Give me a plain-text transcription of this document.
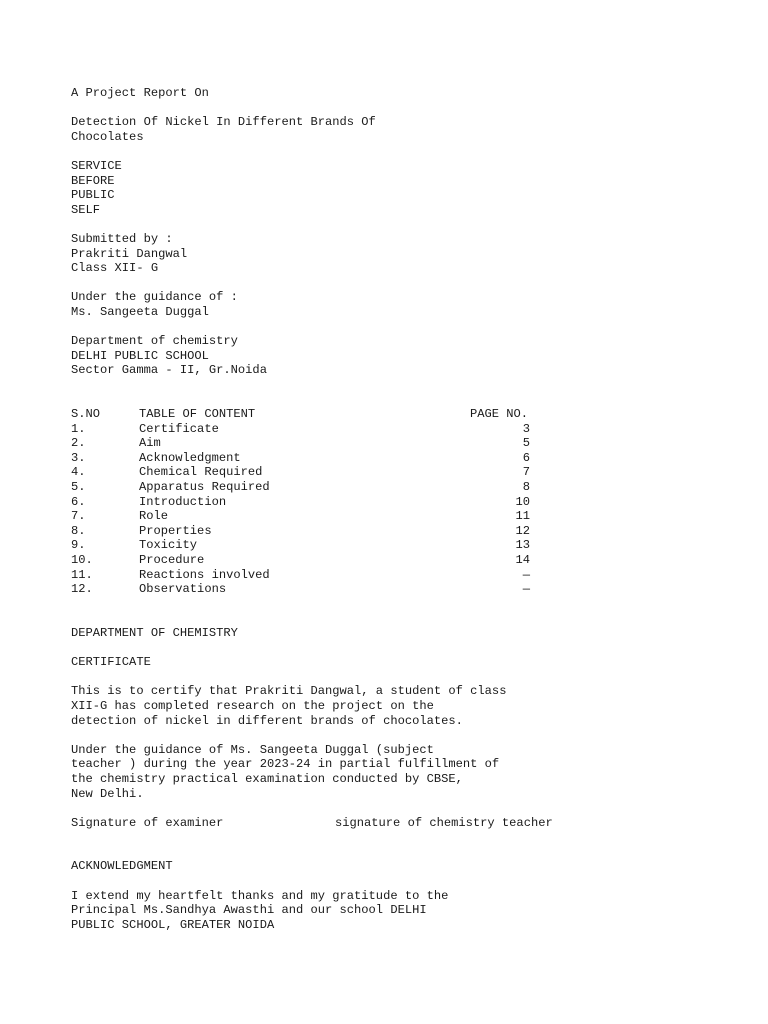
A Project Report On
Detection Of Nickel In Different Brands Of
Chocolates
SERVICE
BEFORE
PUBLIC
SELF
Submitted by :
Prakriti Dangwal
Class XII- G
Under the guidance of :
Ms. Sangeeta Duggal
Department of chemistry
DELHI PUBLIC SCHOOL
Sector Gamma - II, Gr.Noida
S.NO	TABLE OF CONTENT	PAGE NO.
1.	Certificate	3
2.	Aim	5
3.	Acknowledgment	6
4.	Chemical Required	7
5.	Apparatus Required	8
6.	Introduction	10
7.	Role	11
8.	Properties	12
9.	Toxicity	13
10.	Procedure	14
11.	Reactions involved	—
12.	Observations	—
DEPARTMENT OF CHEMISTRY
CERTIFICATE
This is to certify that Prakriti Dangwal, a student of class
XII-G has completed research on the project on the
detection of nickel in different brands of chocolates.
Under the guidance of Ms. Sangeeta Duggal (subject
teacher ) during the year 2023-24 in partial fulfillment of
the chemistry practical examination conducted by CBSE,
New Delhi.
Signature of examiner	signature of chemistry teacher
ACKNOWLEDGMENT
I extend my heartfelt thanks and my gratitude to the
Principal Ms.Sandhya Awasthi and our school DELHI
PUBLIC SCHOOL, GREATER NOIDA
